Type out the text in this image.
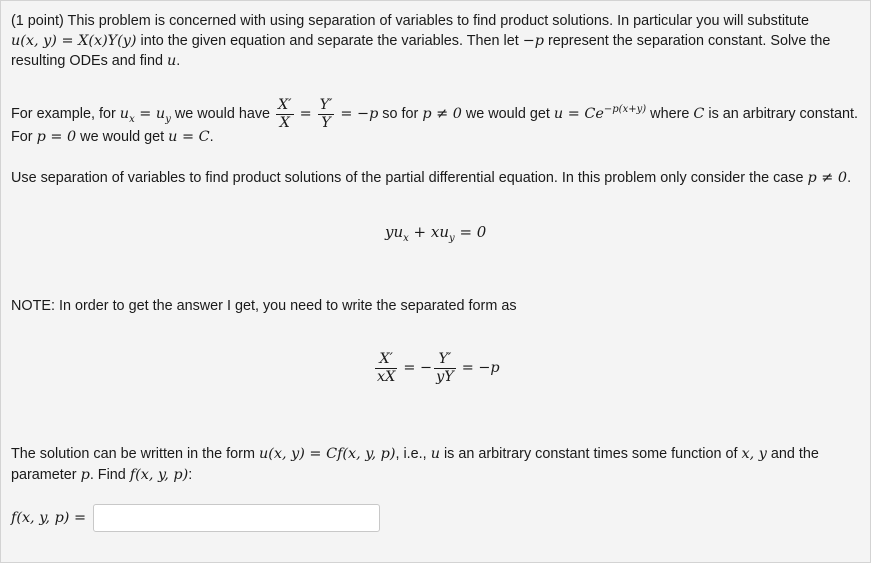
(1 point) This problem is concerned with using separation of variables to find product solutions. In particular you will substitute
u(x, y) = X(x)Y(y) into the given equation and separate the variables. Then let −p represent the separation constant. Solve the
resulting ODEs and find u.
For example, for $u_x = u_y$ we would have $\frac{X'}{X} = \frac{Y'}{Y} = -p$ so for p ≠ 0 we would get $u = Ce^{-p(x+y)}$ where C is an arbitrary constant.
For p = 0 we would get u = C.
Use separation of variables to find product solutions of the partial differential equation. In this problem only consider the case p ≠ 0.
$yu_x + xu_y = 0$
NOTE: In order to get the answer I get, you need to write the separated form as
$\frac{X'}{xX}$ = − $\frac{Y'}{yY} = -p$
The solution can be written in the form u(x, y) = Cf(x, y, p), i.e., u is an arbitrary constant times some function of x, y and the
parameter p. Find f(x, y, p):
f(x, y, p) =
